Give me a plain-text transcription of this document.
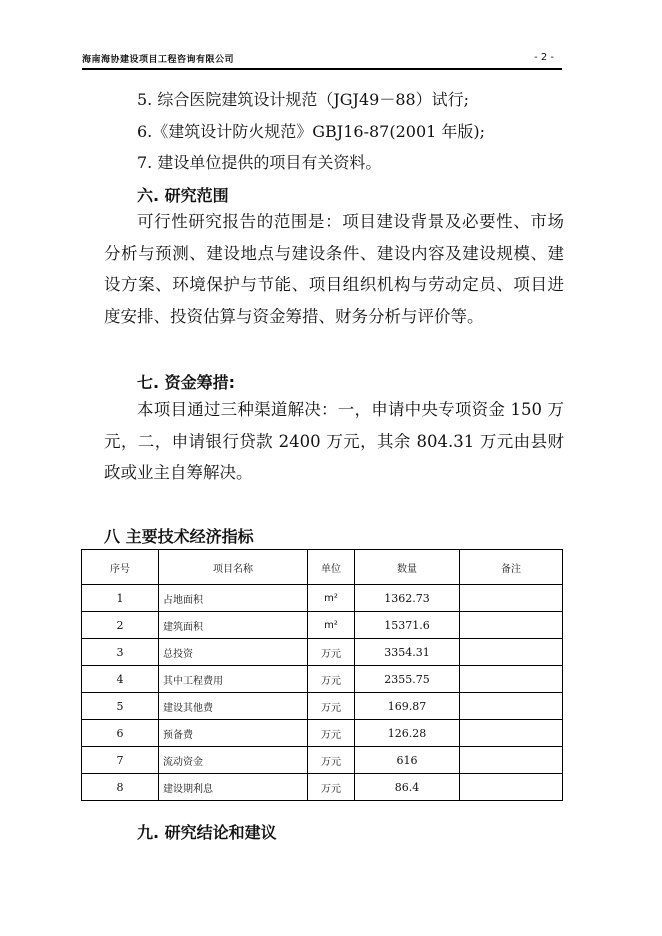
海南海协建设项目工程咨询有限公司	- 2 -
5. 综合医院建筑设计规范（JGJ49－88）试行;
6.《建筑设计防火规范》GBJ16-87(2001 年版);
7. 建设单位提供的项目有关资料。
六. 研究范围
可行性研究报告的范围是：项目建设背景及必要性、市场分析与预测、建设地点与建设条件、建设内容及建设规模、建设方案、环境保护与节能、项目组织机构与劳动定员、项目进度安排、投资估算与资金筹措、财务分析与评价等。
七. 资金筹措:
本项目通过三种渠道解决：一，申请中央专项资金 150 万元，二，申请银行贷款 2400 万元，其余 804.31 万元由县财政或业主自筹解决。
八 主要技术经济指标
序号	项目名称	单位	数量	备注
1	占地面积	m²	1362.73	
2	建筑面积	m²	15371.6	
3	总投资	万元	3354.31	
4	其中工程费用	万元	2355.75	
5	建设其他费	万元	169.87	
6	预备费	万元	126.28	
7	流动资金	万元	616	
8	建设期利息	万元	86.4	
九. 研究结论和建议
